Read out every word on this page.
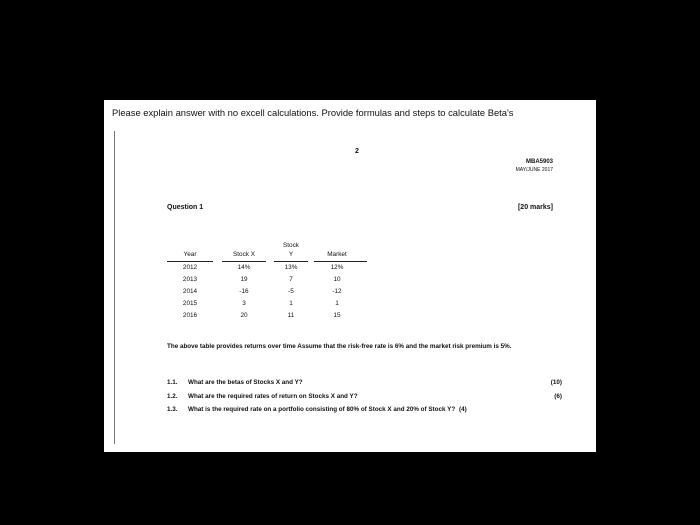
Please explain answer with no excell calculations. Provide formulas and steps to calculate Beta's
2
MBA5903
MAY/JUNE 2017
Question 1	[20 marks]
Stock
Year	Stock X	Y	Market
2012	14%	13%	12%
2013	19	7	10
2014	-16	-5	-12
2015	3	1	1
2016	20	11	15
The above table provides returns over time Assume that the risk-free rate is 6% and the market risk premium is 5%.
1.1. What are the betas of Stocks X and Y?	(10)
1.2. What are the required rates of return on Stocks X and Y?	(6)
1.3. What is the required rate on a portfolio consisting of 80% of Stock X and 20% of Stock Y? (4)
